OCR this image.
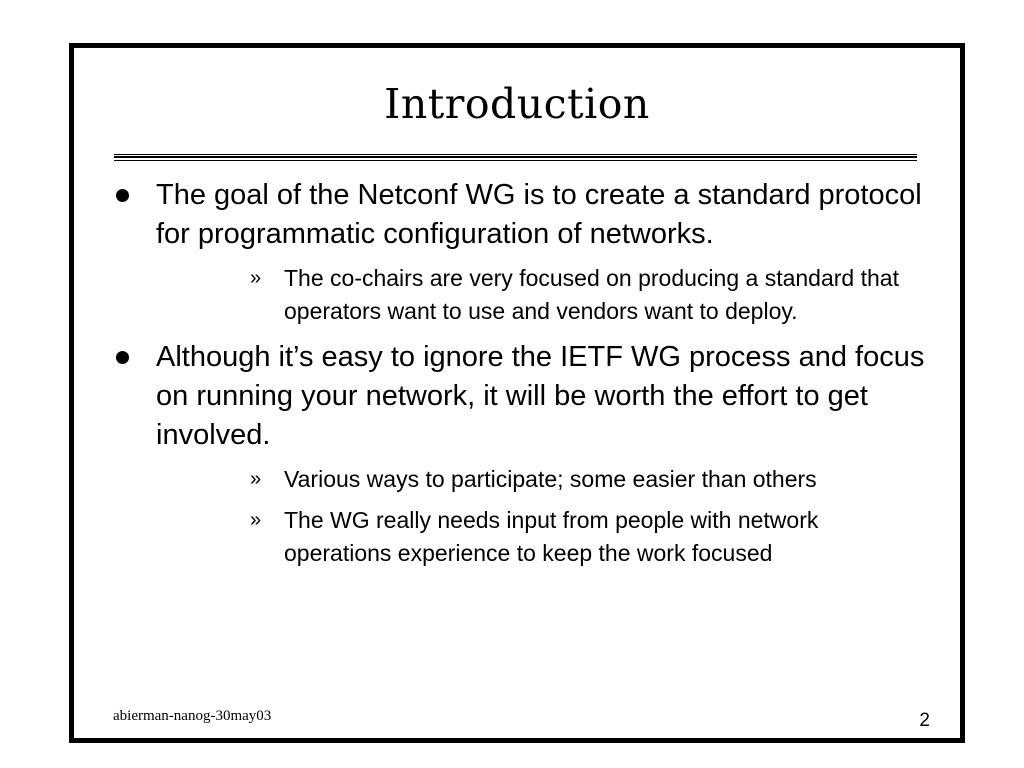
Introduction
The goal of the Netconf WG is to create a standard protocol for programmatic configuration of networks.
» The co-chairs are very focused on producing a standard that operators want to use and vendors want to deploy.
Although it’s easy to ignore the IETF WG process and focus on running your network, it will be worth the effort to get involved.
» Various ways to participate; some easier than others
» The WG really needs input from people with network operations experience to keep the work focused
abierman-nanog-30may03	2
